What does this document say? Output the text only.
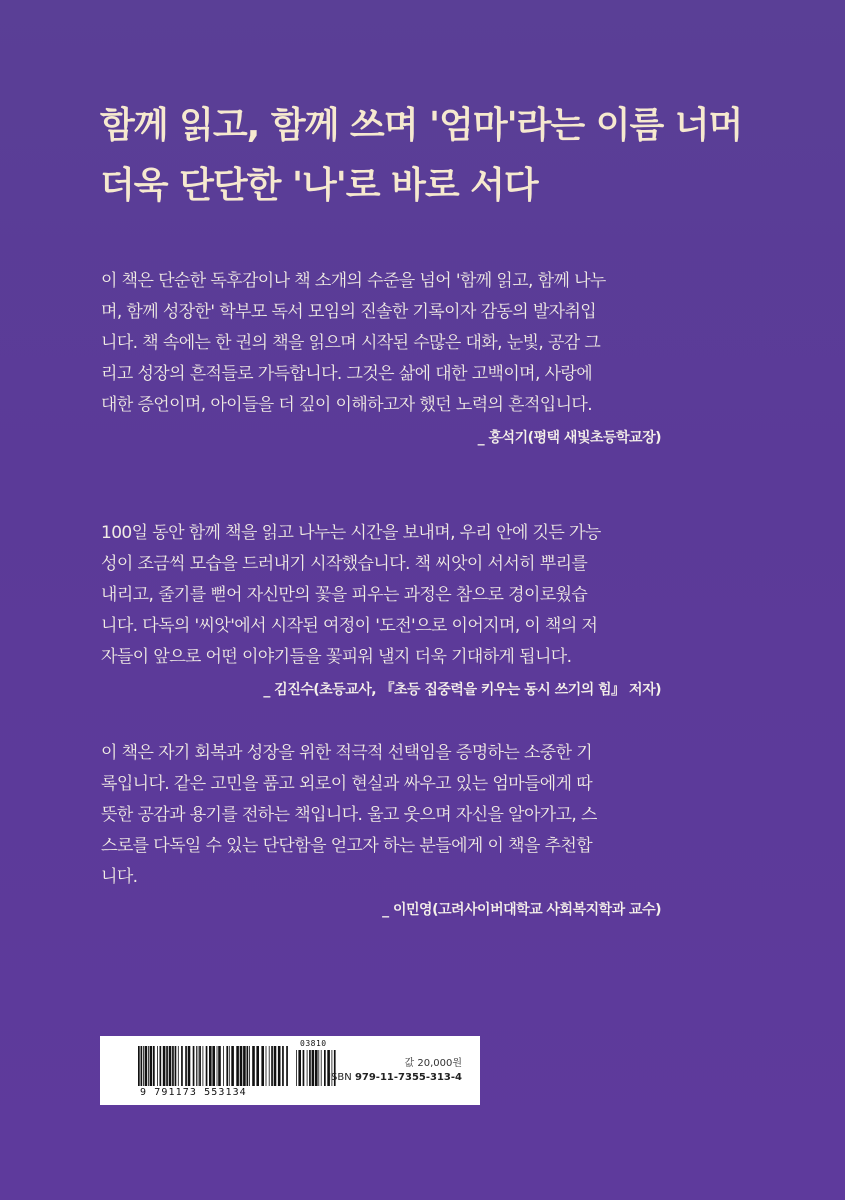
함께 읽고, 함께 쓰며 '엄마'라는 이름 너머
더욱 단단한 '나'로 바로 서다
이 책은 단순한 독후감이나 책 소개의 수준을 넘어 '함께 읽고, 함께 나누
며, 함께 성장한' 학부모 독서 모임의 진솔한 기록이자 감동의 발자취입
니다. 책 속에는 한 권의 책을 읽으며 시작된 수많은 대화, 눈빛, 공감 그
리고 성장의 흔적들로 가득합니다. 그것은 삶에 대한 고백이며, 사랑에
대한 증언이며, 아이들을 더 깊이 이해하고자 했던 노력의 흔적입니다.
_ 홍석기(평택 새빛초등학교장)
100일 동안 함께 책을 읽고 나누는 시간을 보내며, 우리 안에 깃든 가능
성이 조금씩 모습을 드러내기 시작했습니다. 책 씨앗이 서서히 뿌리를
내리고, 줄기를 뻗어 자신만의 꽃을 피우는 과정은 참으로 경이로웠습
니다. 다독의 '씨앗'에서 시작된 여정이 '도전'으로 이어지며, 이 책의 저
자들이 앞으로 어떤 이야기들을 꽃피워 낼지 더욱 기대하게 됩니다.
_ 김진수(초등교사, 『초등 집중력을 키우는 동시 쓰기의 힘』 저자)
이 책은 자기 회복과 성장을 위한 적극적 선택임을 증명하는 소중한 기
록입니다. 같은 고민을 품고 외로이 현실과 싸우고 있는 엄마들에게 따
뜻한 공감과 용기를 전하는 책입니다. 울고 웃으며 자신을 알아가고, 스
스로를 다독일 수 있는 단단함을 얻고자 하는 분들에게 이 책을 추천합
니다.
_ 이민영(고려사이버대학교 사회복지학과 교수)
03810
9 791173 553134
값 20,000원
ISBN 979-11-7355-313-4
